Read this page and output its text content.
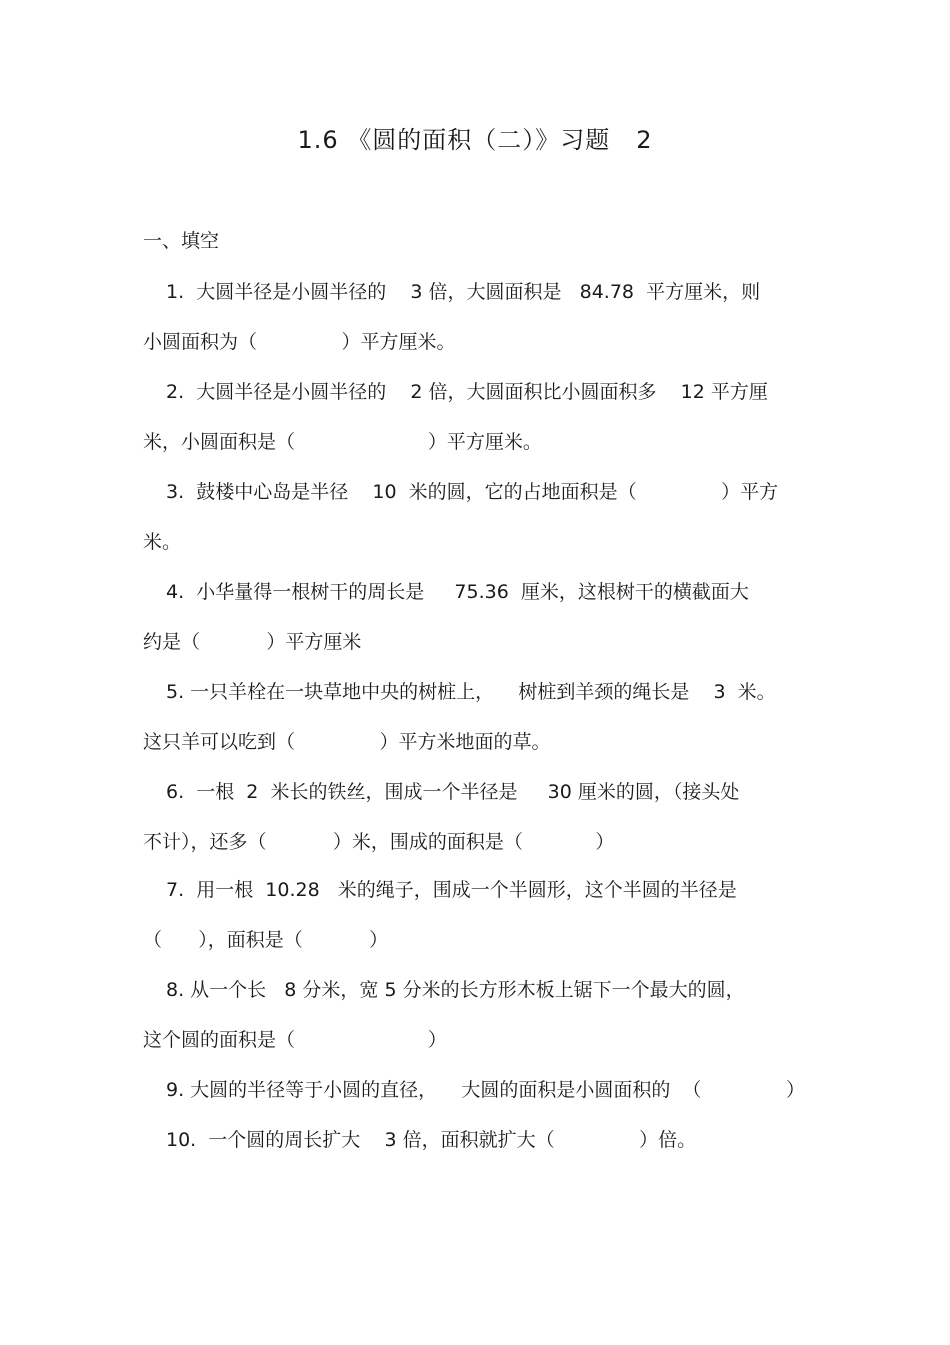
1.6 《圆的面积（二）》习题   2
一、填空

1.  大圆半径是小圆半径的    3 倍，大圆面积是   84.78  平方厘米，则

小圆面积为（              ）平方厘米。

2.  大圆半径是小圆半径的    2 倍，大圆面积比小圆面积多    12 平方厘

米，小圆面积是（                      ）平方厘米。

3.  鼓楼中心岛是半径    10  米的圆，它的占地面积是（              ）平方

米。

4.  小华量得一根树干的周长是     75.36  厘米，这根树干的横截面大

约是（           ）平方厘米

5. 一只羊栓在一块草地中央的树桩上，    树桩到羊颈的绳长是    3  米。

这只羊可以吃到（              ）平方米地面的草。

6.  一根  2  米长的铁丝，围成一个半径是     30 厘米的圆，（接头处

不计），还多（           ）米，围成的面积是（            ）

7.  用一根  10.28   米的绳子，围成一个半圆形，这个半圆的半径是

（      ），面积是（           ）

8. 从一个长   8 分米，宽 5 分米的长方形木板上锯下一个最大的圆，

这个圆的面积是（                      ）

9. 大圆的半径等于小圆的直径，    大圆的面积是小圆面积的  （              ）

10.  一个圆的周长扩大    3 倍，面积就扩大（              ）倍。
